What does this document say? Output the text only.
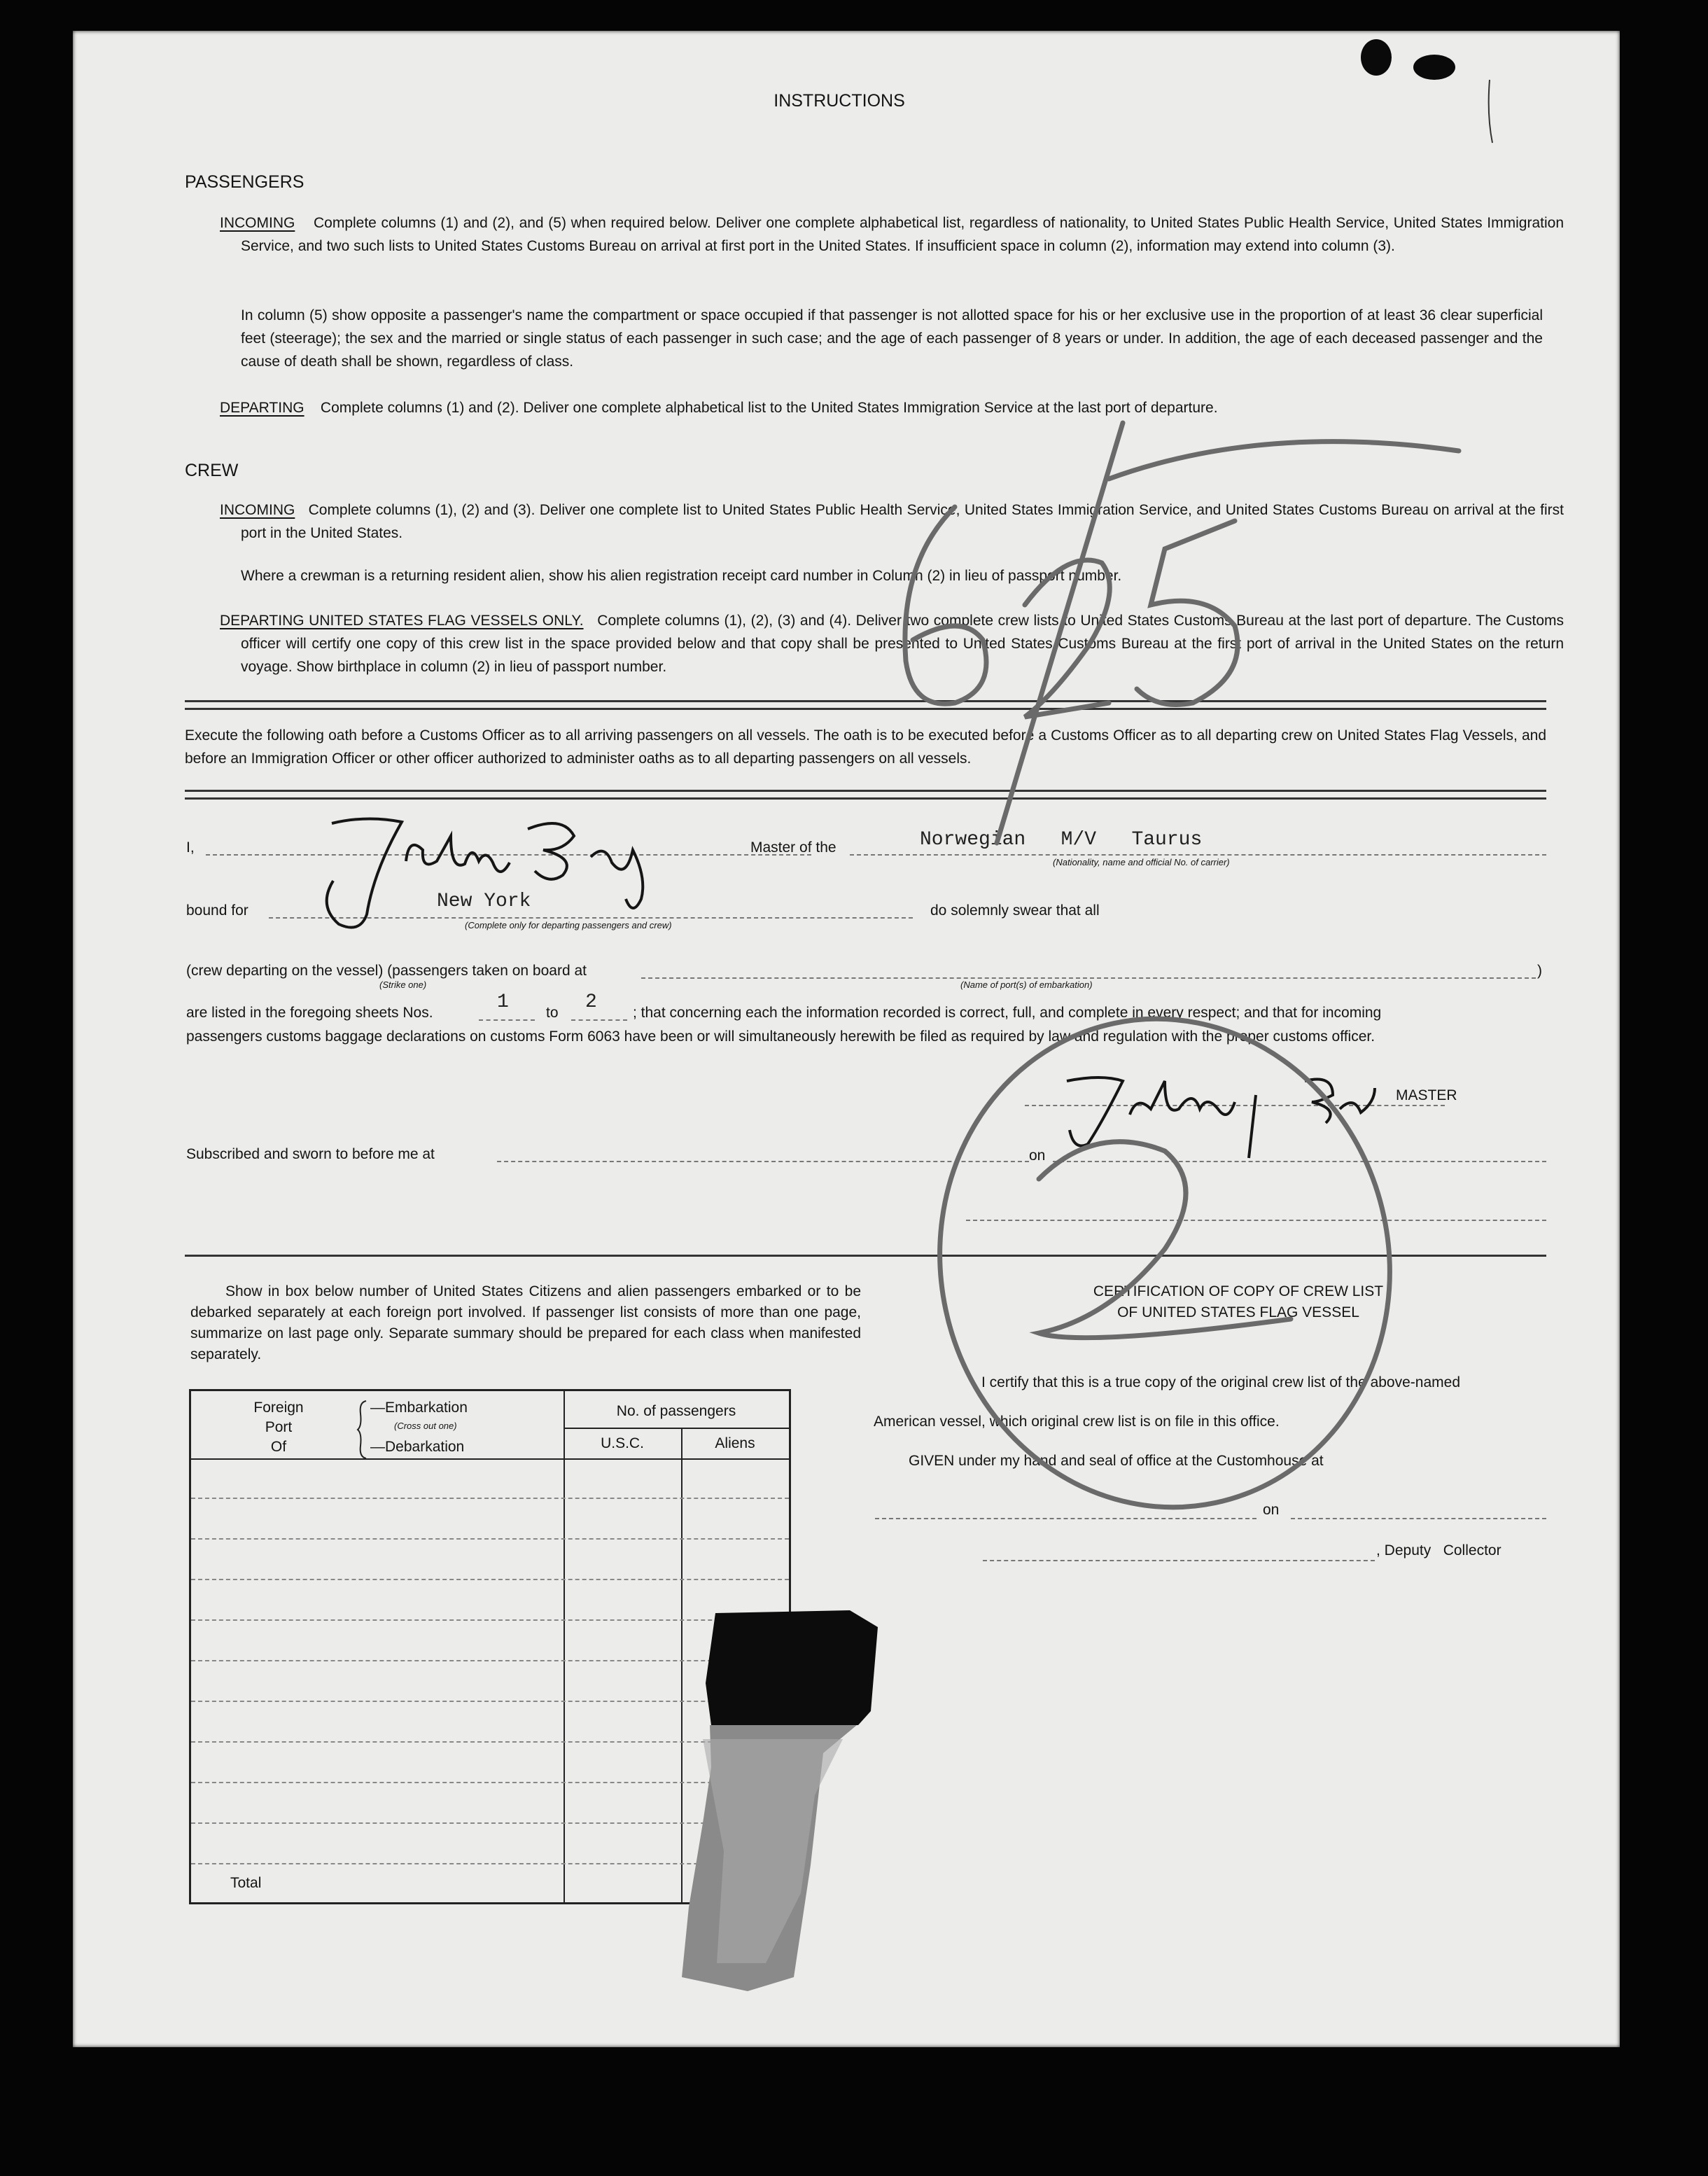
INSTRUCTIONS
PASSENGERS
INCOMING Complete columns (1) and (2), and (5) when required below. Deliver one complete alphabetical list, regardless of nationality, to United States Public Health Service, United States Immigration Service, and two such lists to United States Customs Bureau on arrival at first port in the United States. If insufficient space in column (2), information may extend into column (3).
In column (5) show opposite a passenger's name the compartment or space occupied if that passenger is not allotted space for his or her exclusive use in the proportion of at least 36 clear superficial feet (steerage); the sex and the married or single status of each passenger in such case; and the age of each passenger of 8 years or under. In addition, the age of each deceased passenger and the cause of death shall be shown, regardless of class.
DEPARTING Complete columns (1) and (2). Deliver one complete alphabetical list to the United States Immigration Service at the last port of departure.
CREW
INCOMING Complete columns (1), (2) and (3). Deliver one complete list to United States Public Health Service, United States Immigration Service, and United States Customs Bureau on arrival at the first port in the United States.
Where a crewman is a returning resident alien, show his alien registration receipt card number in Column (2) in lieu of passport number.
DEPARTING UNITED STATES FLAG VESSELS ONLY. Complete columns (1), (2), (3) and (4). Deliver two complete crew lists to United States Customs Bureau at the last port of departure. The Customs officer will certify one copy of this crew list in the space provided below and that copy shall be presented to United States Customs Bureau at the first port of arrival in the United States on the return voyage. Show birthplace in column (2) in lieu of passport number.
Execute the following oath before a Customs Officer as to all arriving passengers on all vessels. The oath is to be executed before a Customs Officer as to all departing crew on United States Flag Vessels, and before an Immigration Officer or other officer authorized to administer oaths as to all departing passengers on all vessels.
I,	Master of the	Norwegian   M/V   Taurus
(Nationality, name and official No. of carrier)
bound for	New York
(Complete only for departing passengers and crew)
do solemnly swear that all
(crew departing on the vessel) (passengers taken on board at	)
(Strike one)	(Name of port(s) of embarkation)
are listed in the foregoing sheets Nos.	1	to 2 ; that concerning each the information recorded is correct, full, and complete in every respect; and that for incoming
passengers customs baggage declarations on customs Form 6063 have been or will simultaneously herewith be filed as required by law and regulation with the proper customs officer.
MASTER
Subscribed and sworn to before me at	on
Show in box below number of United States Citizens and alien passengers embarked or to be debarked separately at each foreign port involved. If passenger list consists of more than one page, summarize on last page only. Separate summary should be prepared for each class when manifested separately.
Foreign
Port
Of
—Embarkation
(Cross out one)
—Debarkation
No. of passengers
U.S.C.	Aliens
Total
CERTIFICATION OF COPY OF CREW LIST
OF UNITED STATES FLAG VESSEL
I certify that this is a true copy of the original crew list of the above-named
American vessel, which original crew list is on file in this office.
GIVEN under my hand and seal of office at the Customhouse at
on
, Deputy   Collector
